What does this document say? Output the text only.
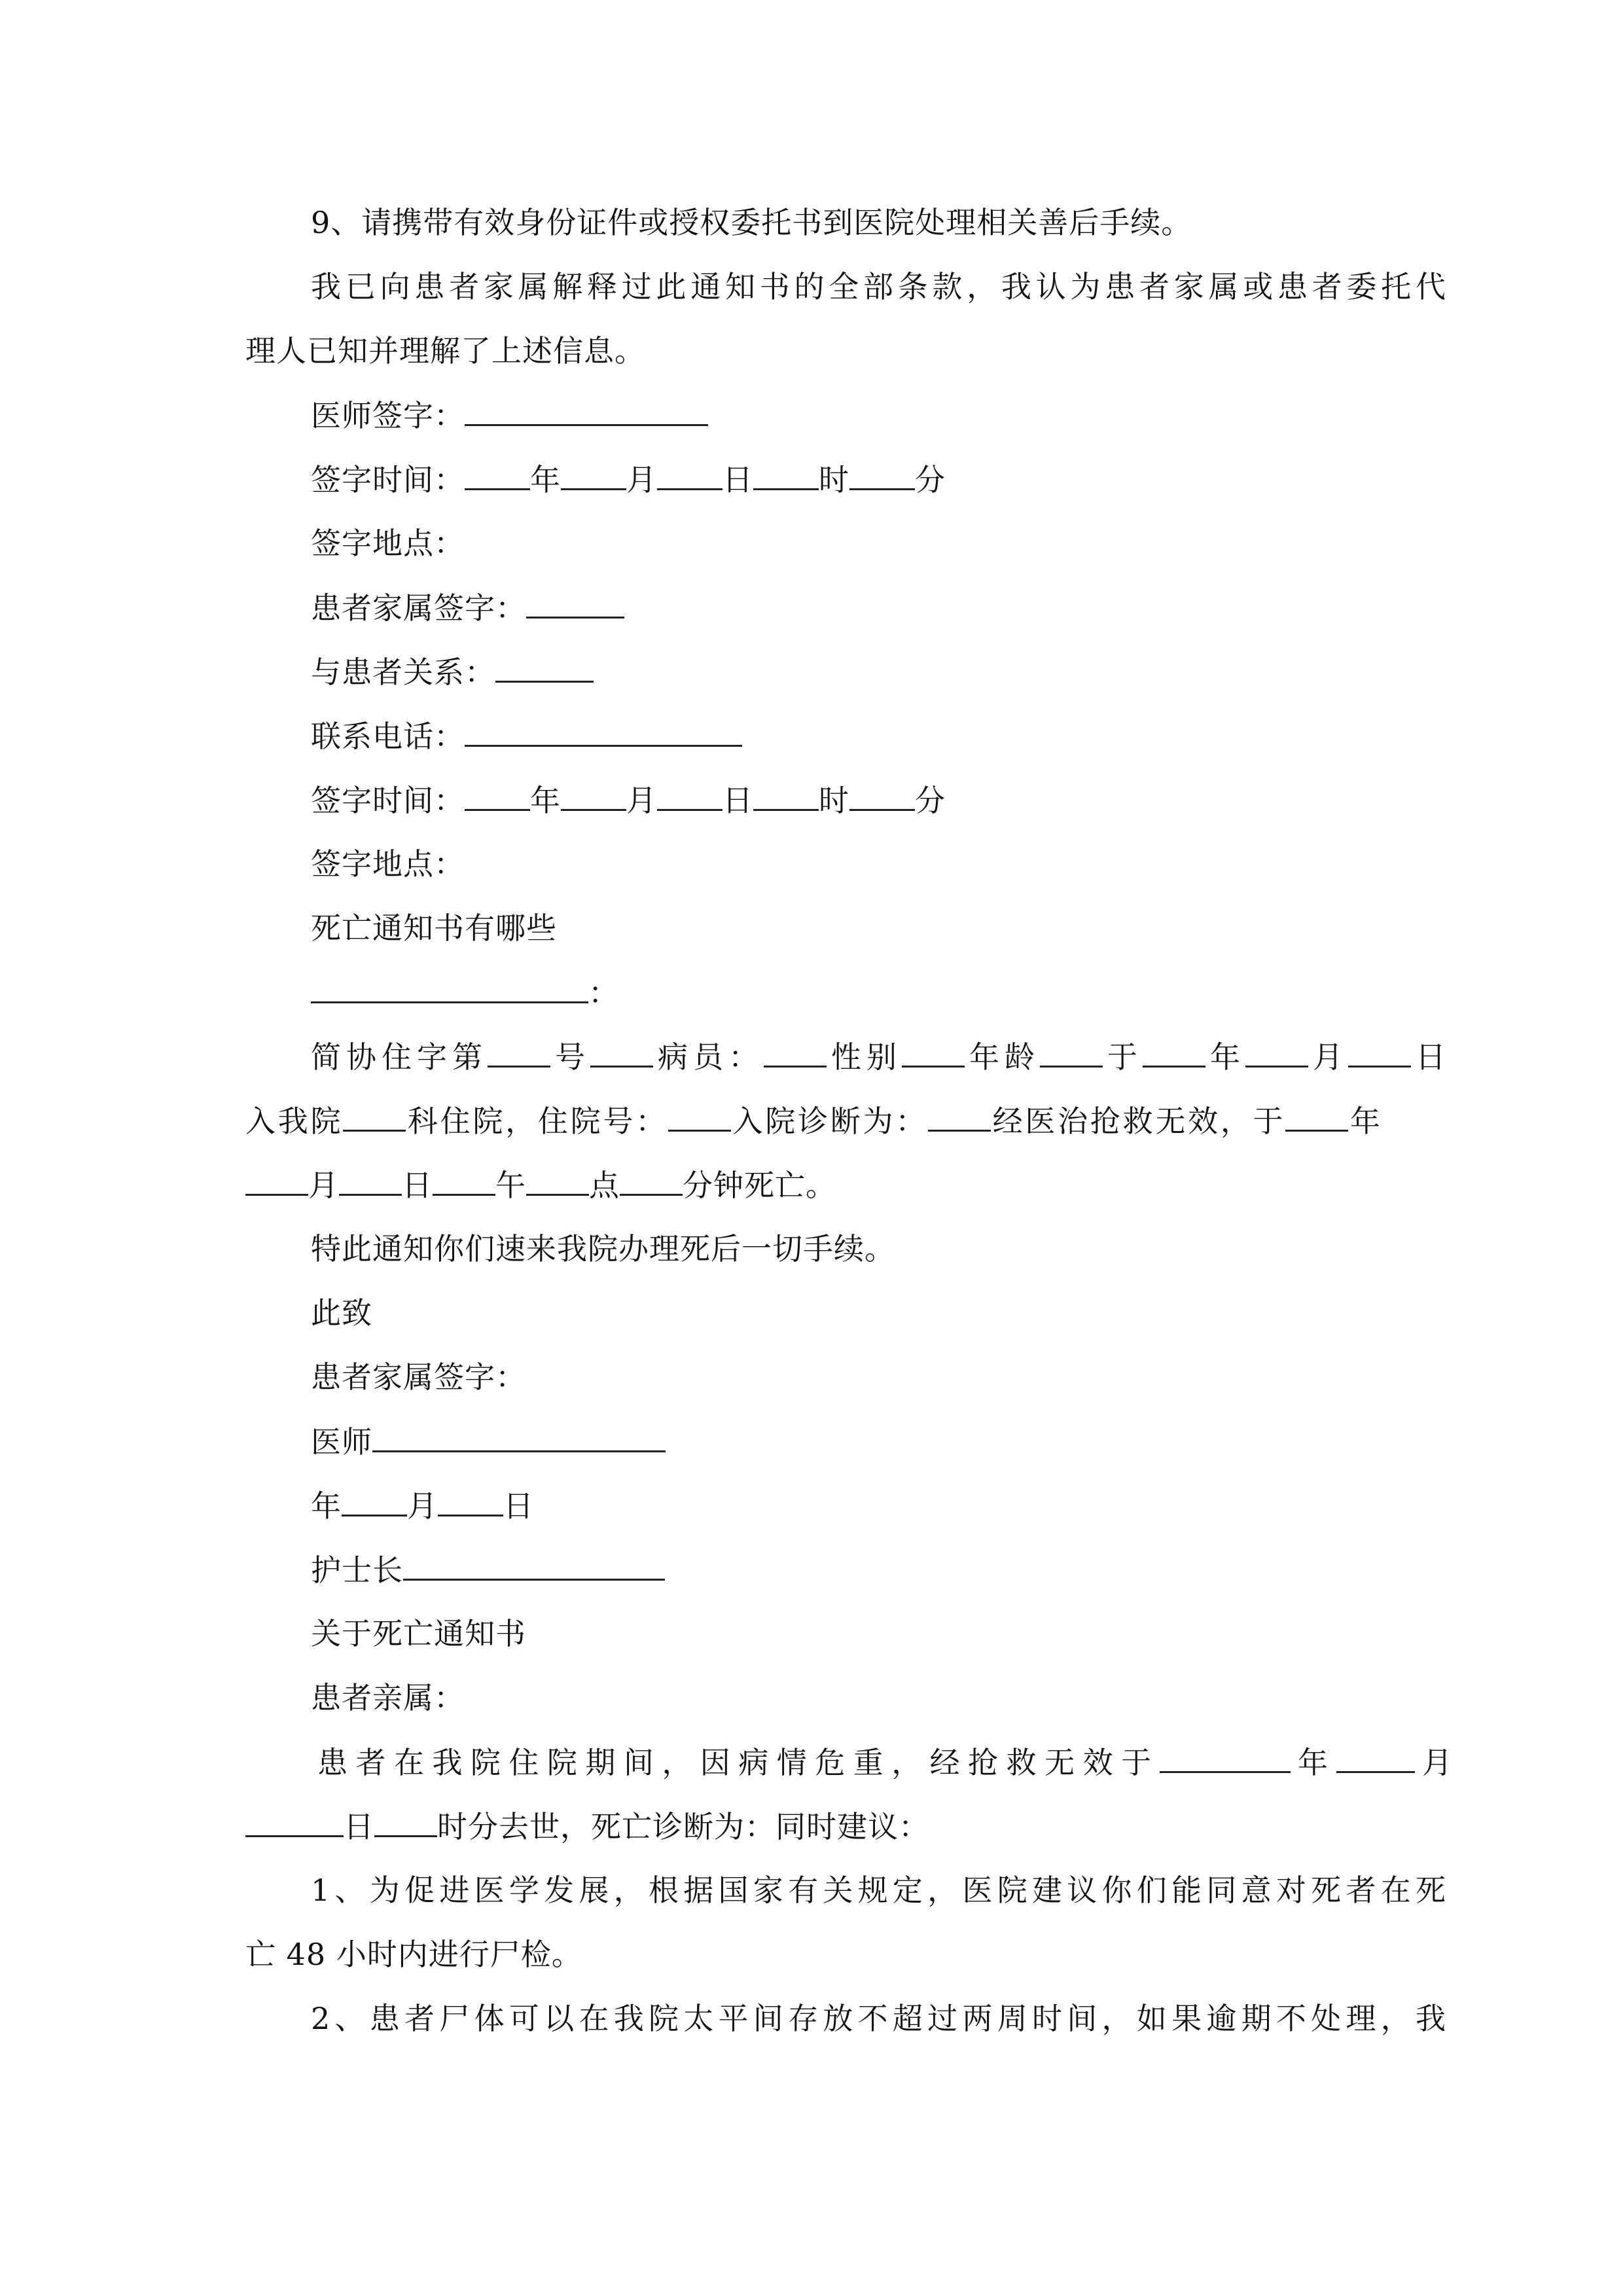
9、请携带有效身份证件或授权委托书到医院处理相关善后手续。
我已向患者家属解释过此通知书的全部条款，我认为患者家属或患者委托代
理人已知并理解了上述信息。
医师签字：
签字时间： 年 月 日 时 分
签字地点：
患者家属签字：
与患者关系：
联系电话：
签字时间： 年 月 日 时 分
签字地点：
死亡通知书有哪些
：
简协住字第 号 病员： 性别 年龄 于 年 月 日
入我院 科住院，住院号： 入院诊断为： 经医治抢救无效，于 年
月 日 午 点 分钟死亡。
特此通知你们速来我院办理死后一切手续。
此致
患者家属签字：
医师
年 月 日
护士长
关于死亡通知书
患者亲属：
患者在我院住院期间，因病情危重，经抢救无效于	年	月
日 时分去世，死亡诊断为：同时建议：
1、为促进医学发展，根据国家有关规定，医院建议你们能同意对死者在死
亡 48 小时内进行尸检。
2、患者尸体可以在我院太平间存放不超过两周时间，如果逾期不处理，我
